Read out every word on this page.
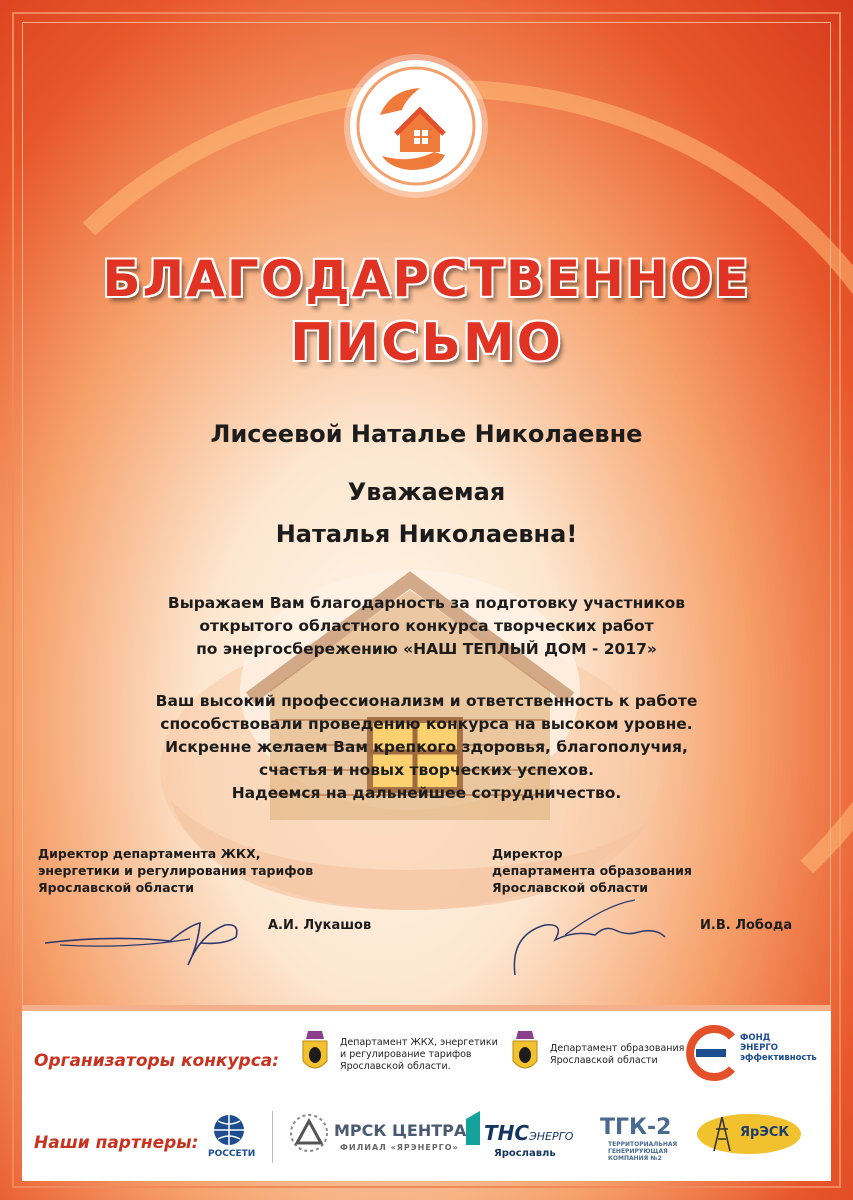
БЛАГОДАРСТВЕННОЕ
ПИСЬМО
Лисеевой Наталье Николаевне
Уважаемая
Наталья Николаевна!
Выражаем Вам благодарность за подготовку участников
открытого областного конкурса творческих работ
по энергосбережению «НАШ ТЕПЛЫЙ ДОМ - 2017»
Ваш высокий профессионализм и ответственность к работе
способствовали проведению конкурса на высоком уровне.
Искренне желаем Вам крепкого здоровья, благополучия,
счастья и новых творческих успехов.
Надеемся на дальнейшее сотрудничество.
Директор департамента ЖКХ,
энергетики и регулирования тарифов
Ярославской области
А.И. Лукашов
Директор
департамента образования
Ярославской области
И.В. Лобода
Организаторы конкурса:
Департамент ЖКХ, энергетики
и регулирование тарифов
Ярославской области.
Департамент образования
Ярославской области
ФОНД
ЭНЕРГО
эффективность
Наши партнеры:
РОССЕТИ
МРСК ЦЕНТРА
ФИЛИАЛ «ЯРЭНЕРГО»
ТНСЭНЕРГО
Ярославль
ТГК-2
ТЕРРИТОРИАЛЬНАЯ
ГЕНЕРИРУЮЩАЯ
КОМПАНИЯ №2
ЯрЭСК
